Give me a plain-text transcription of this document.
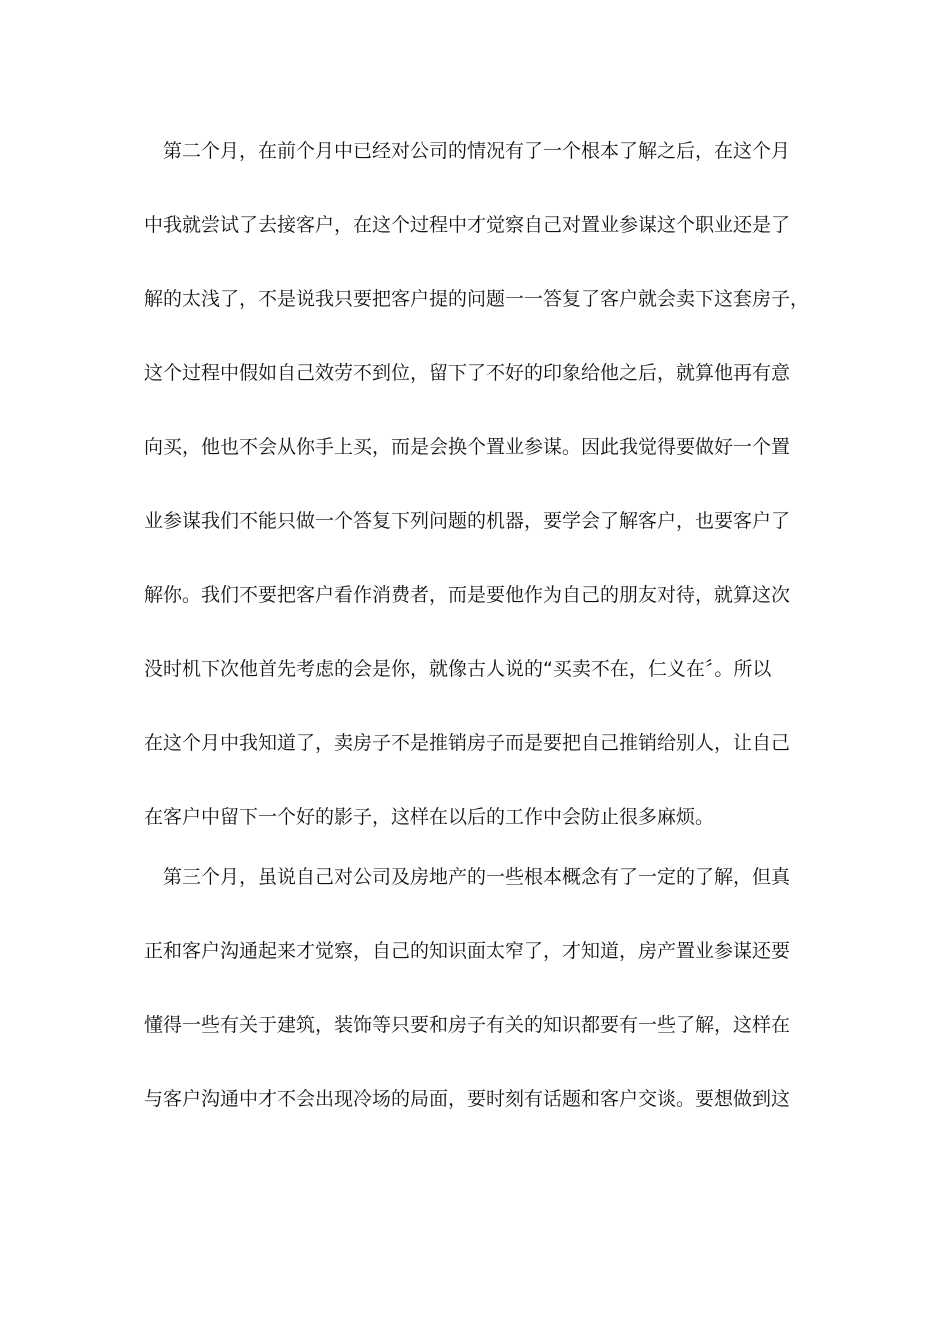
第二个月，在前个月中已经对公司的情况有了一个根本了解之后，在这个月
中我就尝试了去接客户，在这个过程中才觉察自己对置业参谋这个职业还是了
解的太浅了，不是说我只要把客户提的问题一一答复了客户就会卖下这套房子，
这个过程中假如自己效劳不到位，留下了不好的印象给他之后，就算他再有意
向买，他也不会从你手上买，而是会换个置业参谋。因此我觉得要做好一个置
业参谋我们不能只做一个答复下列问题的机器，要学会了解客户，也要客户了
解你。我们不要把客户看作消费者，而是要他作为自己的朋友对待，就算这次
没时机下次他首先考虑的会是你，就像古人说的“买卖不在，仁义在〞。所以
在这个月中我知道了，卖房子不是推销房子而是要把自己推销给别人，让自己
在客户中留下一个好的影子，这样在以后的工作中会防止很多麻烦。
第三个月，虽说自己对公司及房地产的一些根本概念有了一定的了解，但真
正和客户沟通起来才觉察，自己的知识面太窄了，才知道，房产置业参谋还要
懂得一些有关于建筑，装饰等只要和房子有关的知识都要有一些了解，这样在
与客户沟通中才不会出现冷场的局面，要时刻有话题和客户交谈。要想做到这
